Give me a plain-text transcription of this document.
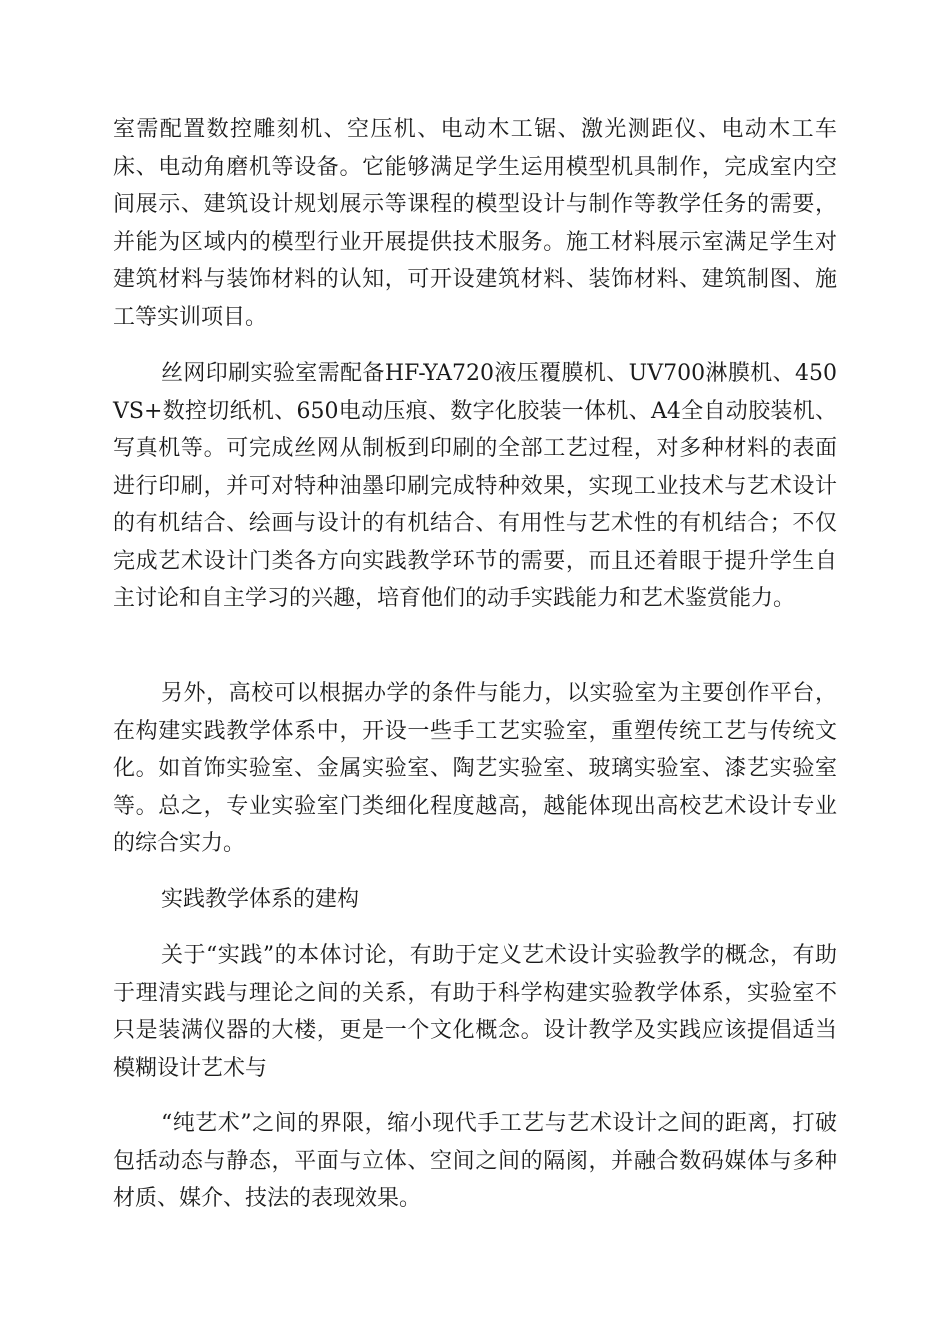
室需配置数控雕刻机、空压机、电动木工锯、激光测距仪、电动木工车床、电动角磨机等设备。它能够满足学生运用模型机具制作，完成室内空间展示、建筑设计规划展示等课程的模型设计与制作等教学任务的需要，并能为区域内的模型行业开展提供技术服务。施工材料展示室满足学生对建筑材料与装饰材料的认知，可开设建筑材料、装饰材料、建筑制图、施工等实训项目。

丝网印刷实验室需配备HF-YA720液压覆膜机、UV700淋膜机、450VS+数控切纸机、650电动压痕、数字化胶装一体机、A4全自动胶装机、写真机等。可完成丝网从制板到印刷的全部工艺过程，对多种材料的表面进行印刷，并可对特种油墨印刷完成特种效果，实现工业技术与艺术设计的有机结合、绘画与设计的有机结合、有用性与艺术性的有机结合；不仅完成艺术设计门类各方向实践教学环节的需要，而且还着眼于提升学生自主讨论和自主学习的兴趣，培育他们的动手实践能力和艺术鉴赏能力。

另外，高校可以根据办学的条件与能力，以实验室为主要创作平台，在构建实践教学体系中，开设一些手工艺实验室，重塑传统工艺与传统文化。如首饰实验室、金属实验室、陶艺实验室、玻璃实验室、漆艺实验室等。总之，专业实验室门类细化程度越高，越能体现出高校艺术设计专业的综合实力。

实践教学体系的建构

关于“实践”的本体讨论，有助于定义艺术设计实验教学的概念，有助于理清实践与理论之间的关系，有助于科学构建实验教学体系，实验室不只是装满仪器的大楼，更是一个文化概念。设计教学及实践应该提倡适当模糊设计艺术与

“纯艺术”之间的界限，缩小现代手工艺与艺术设计之间的距离，打破包括动态与静态，平面与立体、空间之间的隔阂，并融合数码媒体与多种材质、媒介、技法的表现效果。
